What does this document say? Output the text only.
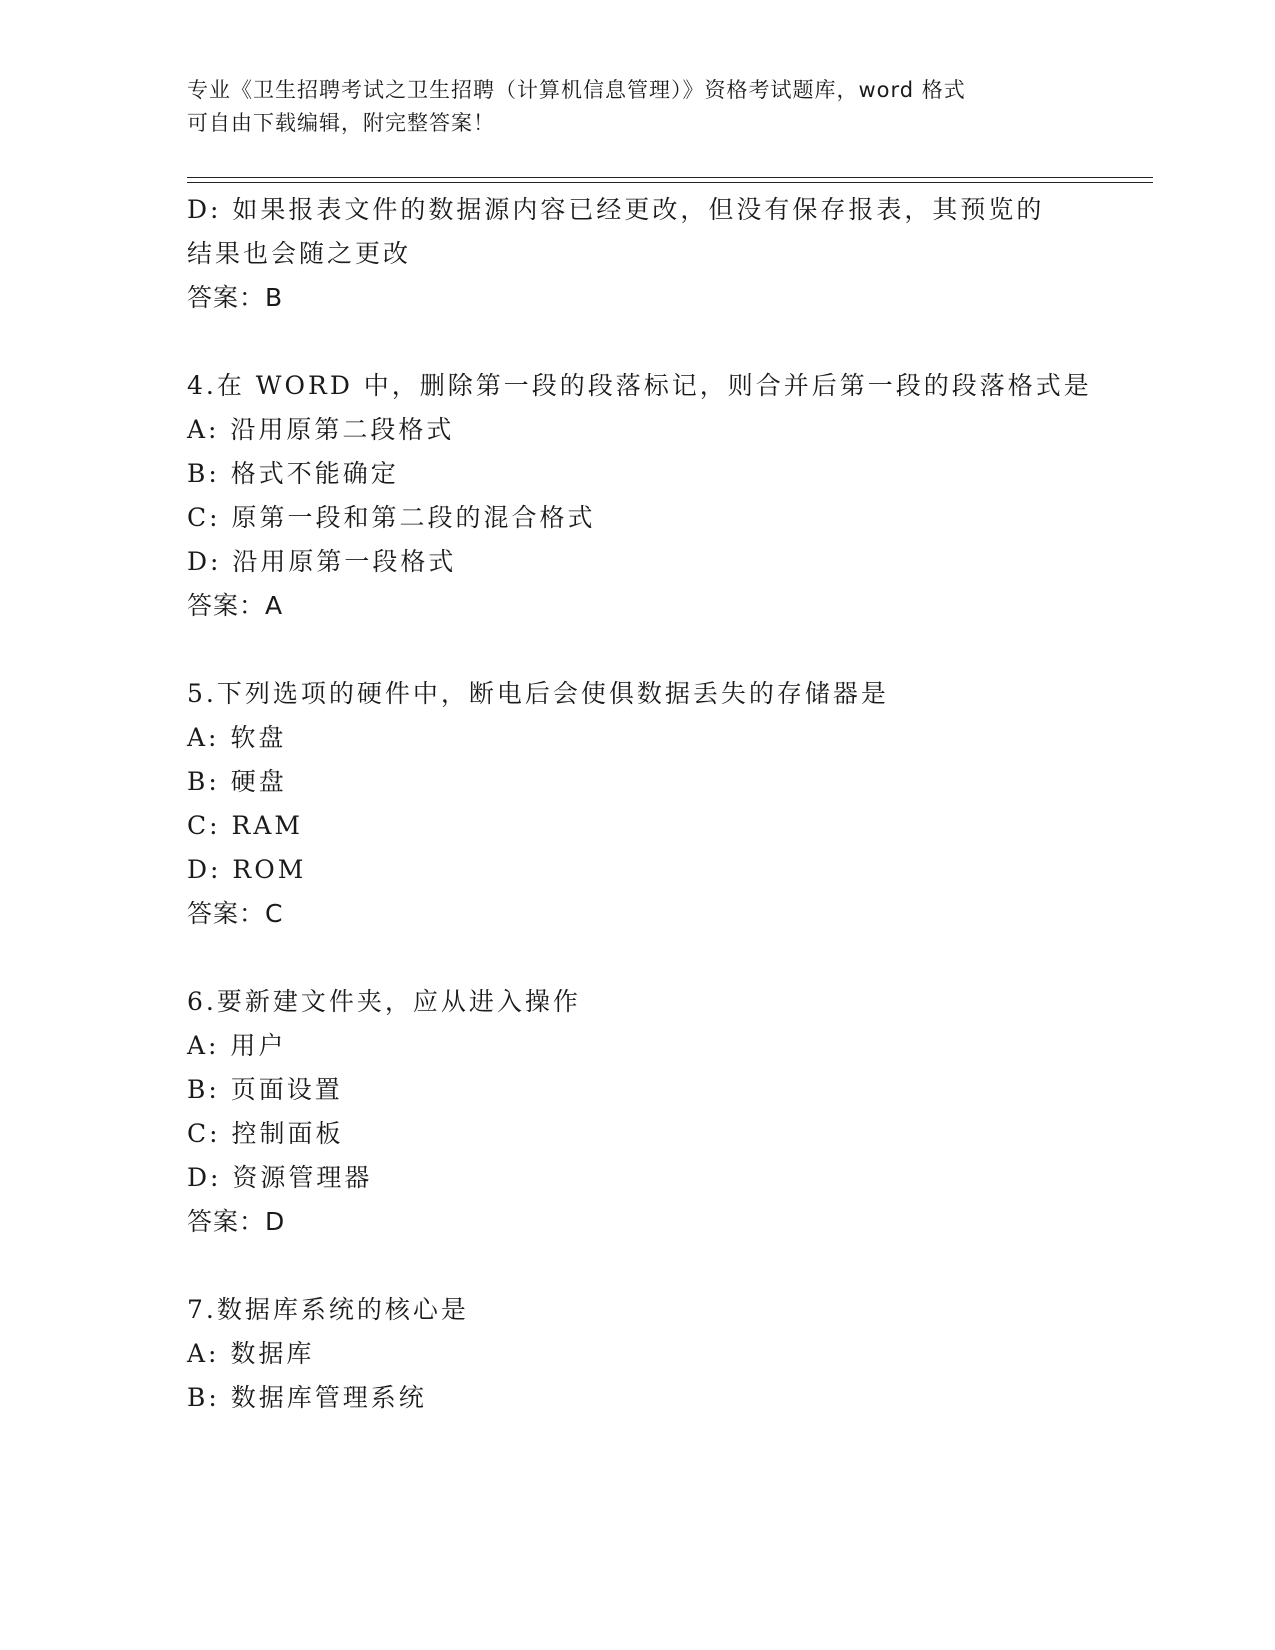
专业《卫生招聘考试之卫生招聘（计算机信息管理）》资格考试题库，word 格式
可自由下载编辑，附完整答案！
D: 如果报表文件的数据源内容已经更改，但没有保存报表，其预览的
结果也会随之更改
答案：B
4.在 WORD 中，删除第一段的段落标记，则合并后第一段的段落格式是
A: 沿用原第二段格式
B: 格式不能确定
C: 原第一段和第二段的混合格式
D: 沿用原第一段格式
答案：A
5.下列选项的硬件中，断电后会使俱数据丢失的存储器是
A: 软盘
B: 硬盘
C: RAM
D: ROM
答案：C
6.要新建文件夹，应从进入操作
A: 用户
B: 页面设置
C: 控制面板
D: 资源管理器
答案：D
7.数据库系统的核心是
A: 数据库
B: 数据库管理系统
